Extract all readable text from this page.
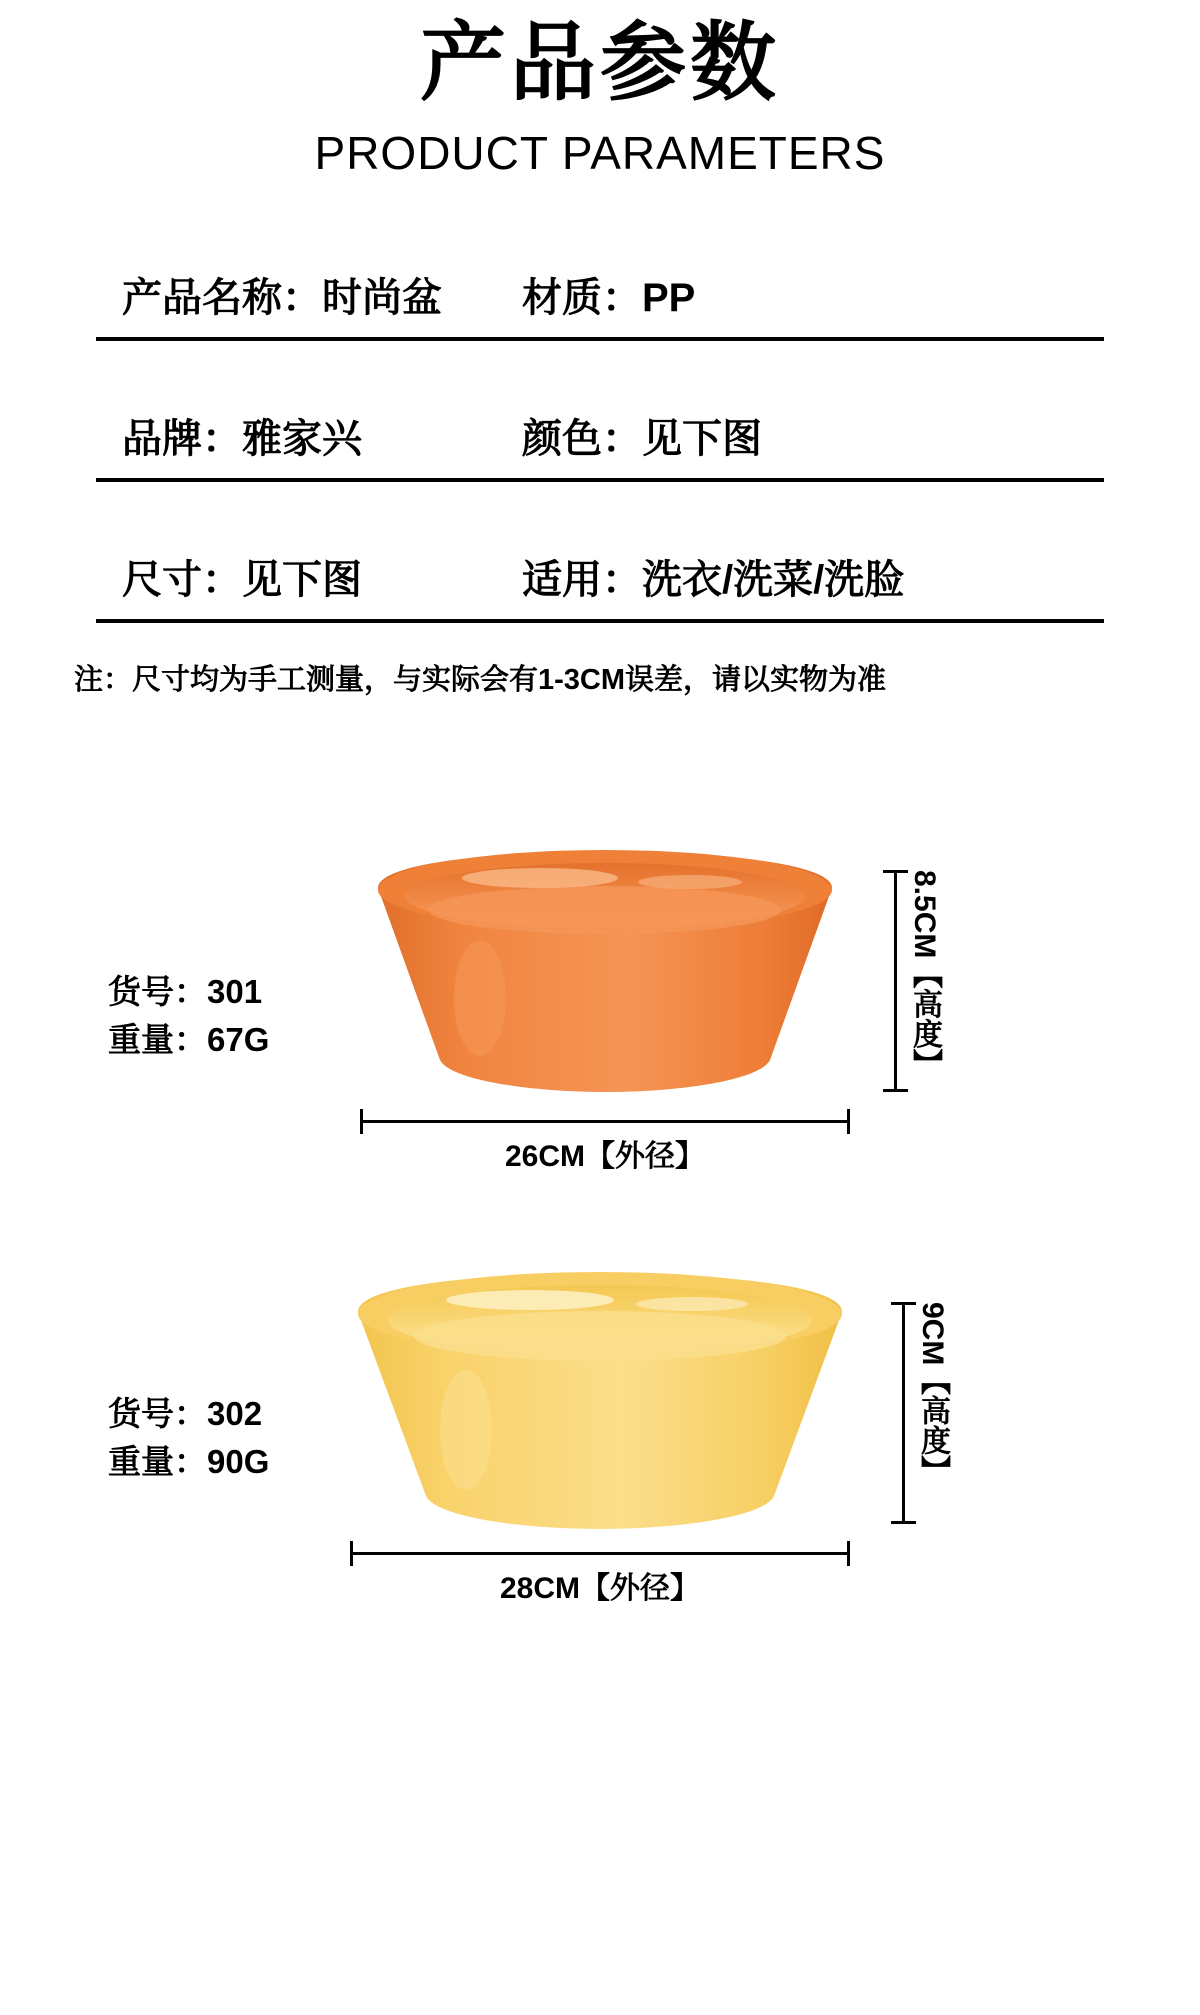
产品参数
PRODUCT PARAMETERS
产品名称：时尚盆	材质：PP
品牌：雅家兴	颜色：见下图
尺寸：见下图	适用：洗衣/洗菜/洗脸
注：尺寸均为手工测量，与实际会有1-3CM误差，请以实物为准
货号：301
重量：67G	8.5CM【高度】
26CM【外径】
货号：302
重量：90G	9CM【高度】
28CM【外径】
